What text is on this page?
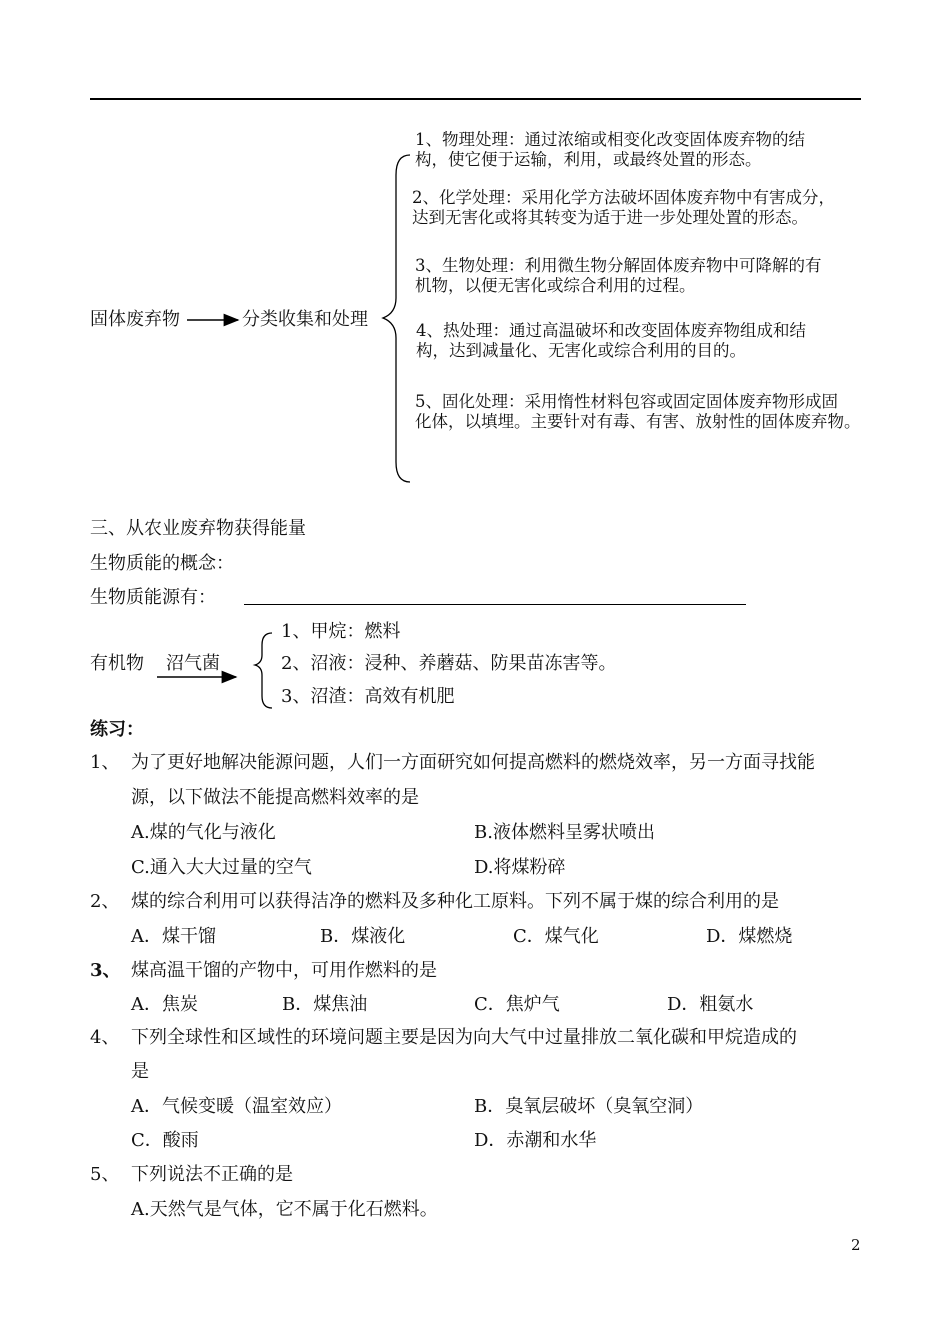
固体废弃物	分类收集和处理
1、物理处理：通过浓缩或相变化改变固体废弃物的结
构，使它便于运输，利用，或最终处置的形态。
2、化学处理：采用化学方法破坏固体废弃物中有害成分，
达到无害化或将其转变为适于进一步处理处置的形态。
3、生物处理：利用微生物分解固体废弃物中可降解的有
机物，以便无害化或综合利用的过程。
4、热处理：通过高温破坏和改变固体废弃物组成和结
构，达到减量化、无害化或综合利用的目的。
5、固化处理：采用惰性材料包容或固定固体废弃物形成固
化体，以填埋。主要针对有毒、有害、放射性的固体废弃物。
三、从农业废弃物获得能量
生物质能的概念：
生物质能源有：
有机物 沼气菌
1、甲烷：燃料
2、沼液：浸种、养蘑菇、防果苗冻害等。
3、沼渣：高效有机肥
练习：
1、 为了更好地解决能源问题，人们一方面研究如何提高燃料的燃烧效率，另一方面寻找能
源，以下做法不能提高燃料效率的是
A.煤的气化与液化	B.液体燃料呈雾状喷出
C.通入大大过量的空气	D.将煤粉碎
2、 煤的综合利用可以获得洁净的燃料及多种化工原料。下列不属于煤的综合利用的是
A．煤干馏	B．煤液化	C．煤气化	D．煤燃烧
3、 煤高温干馏的产物中，可用作燃料的是
A．焦炭	B．煤焦油	C．焦炉气	D．粗氨水
4、 下列全球性和区域性的环境问题主要是因为向大气中过量排放二氧化碳和甲烷造成的
是
A．气候变暖（温室效应）	B．臭氧层破坏（臭氧空洞）
C．酸雨	D．赤潮和水华
5、 下列说法不正确的是
A.天然气是气体，它不属于化石燃料。
2
